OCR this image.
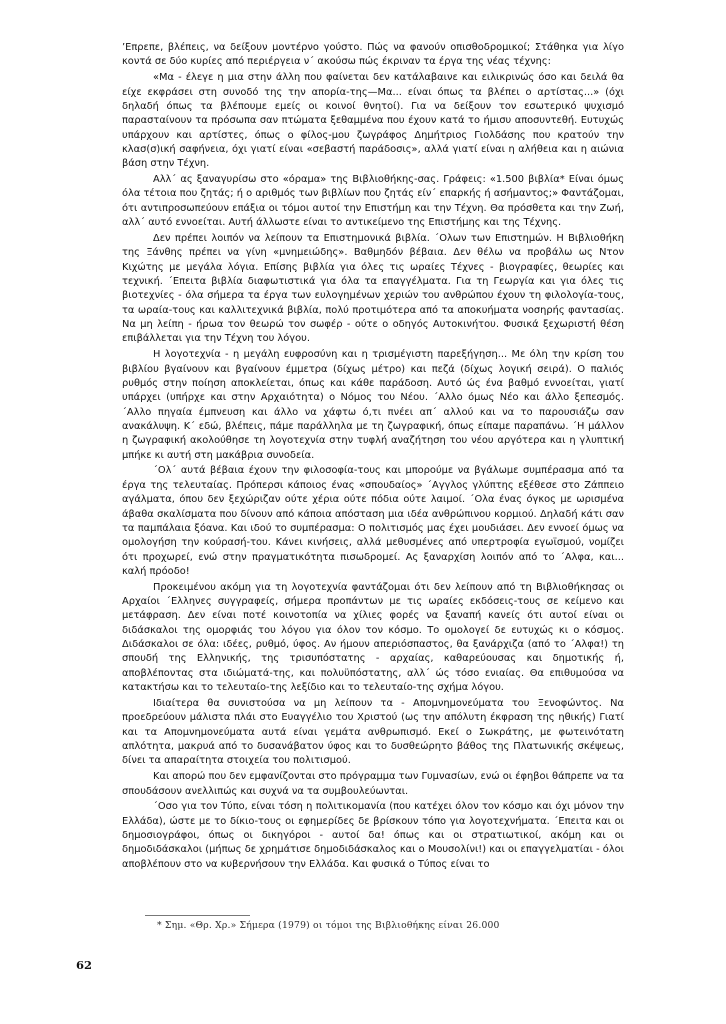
’Επρεπε, βλέπεις, να δείξουν μοντέρνο γούστο. Πώς να φανούν οπισθοδρομικοί; Στάθηκα για λίγο κοντά σε δύο κυρίες από περιέργεια ν΄ ακούσω πώς έκριναν τα έργα της νέας τέχνης:

«Μα - έλεγε η μια στην άλλη που φαίνεται δεν κατάλαβαινε και ειλικρινώς όσο και δειλά θα είχε εκφράσει στη συνοδό της την απορία-της—Μα... είναι όπως τα βλέπει ο αρτίστας...» (όχι δηλαδή όπως τα βλέπουμε εμείς οι κοινοί θνητοί). Για να δείξουν τον εσωτερικό ψυχισμό παρασταίνουν τα πρόσωπα σαν πτώματα ξεθαμμένα που έχουν κατά το ήμισυ αποσυντεθή. Ευτυχώς υπάρχουν και αρτίστες, όπως ο φίλος-μου ζωγράφος Δημήτριος Γιολδάσης που κρατούν την κλασ(σ)ική σαφήνεια, όχι γιατί είναι «σεβαστή παράδοσις», αλλά γιατί είναι η αλήθεια και η αιώνια βάση στην Τέχνη.

Αλλ΄ ας ξαναγυρίσω στο «όραμα» της Βιβλιοθήκης-σας. Γράφεις: «1.500 βιβλία* Είναι όμως όλα τέτοια που ζητάς; ή ο αριθμός των βιβλίων που ζητάς είν΄ επαρκής ή ασήμαντος;» Φαντάζομαι, ότι αντιπροσωπεύουν επάξια οι τόμοι αυτοί την Επιστήμη και την Τέχνη. Θα πρόσθετα και την Ζωή, αλλ΄ αυτό εννοείται. Αυτή άλλωστε είναι το αντικείμενο της Επιστήμης και της Τέχνης.

Δεν πρέπει λοιπόν να λείπουν τα Επιστημονικά βιβλία. ΄Ολων των Επιστημών. Η Βιβλιοθήκη της Ξάνθης πρέπει να γίνη «μνημειώδης». Βαθμηδόν βέβαια. Δεν θέλω να προβάλω ως Ντον Κιχώτης με μεγάλα λόγια. Επίσης βιβλία για όλες τις ωραίες Τέχνες - βιογραφίες, θεωρίες και τεχνική. ΄Επειτα βιβλία διαφωτιστικά για όλα τα επαγγέλματα. Για τη Γεωργία και για όλες τις βιοτεχνίες - όλα σήμερα τα έργα των ευλογημένων χεριών του ανθρώπου έχουν τη φιλολογία-τους, τα ωραία-τους και καλλιτεχνικά βιβλία, πολύ προτιμότερα από τα αποκυήματα νοσηρής φαντασίας. Να μη λείπη - ήρωα τον θεωρώ τον σωφέρ - ούτε ο οδηγός Αυτοκινήτου. Φυσικά ξεχωριστή θέση επιβάλλεται για την Τέχνη του λόγου.

Η λογοτεχνία - η μεγάλη ευφροσύνη και η τρισμέγιστη παρεξήγηση... Με όλη την κρίση του βιβλίου βγαίνουν και βγαίνουν έμμετρα (δίχως μέτρο) και πεζά (δίχως λογική σειρά). Ο παλιός ρυθμός στην ποίηση αποκλείεται, όπως και κάθε παράδοση. Αυτό ώς ένα βαθμό εννοείται, γιατί υπάρχει (υπήρχε και στην Αρχαιότητα) ο Νόμος του Νέου. ΄Αλλο όμως Νέο και άλλο ξεπεσμός. ΄Αλλο πηγαία έμπνευση και άλλο να χάφτω ό,τι πνέει απ΄ αλλού και να το παρουσιάζω σαν ανακάλυψη. Κ΄ εδώ, βλέπεις, πάμε παράλληλα με τη ζωγραφική, όπως είπαμε παραπάνω. ΄Η μάλλον η ζωγραφική ακολούθησε τη λογοτεχνία στην τυφλή αναζήτηση του νέου αργότερα και η γλυπτική μπήκε κι αυτή στη μακάβρια συνοδεία.

΄Ολ΄ αυτά βέβαια έχουν την φιλοσοφία-τους και μπορούμε να βγάλωμε συμπέρασμα από τα έργα της τελευταίας. Πρόπερσι κάποιος ένας «σπουδαίος» ΄Αγγλος γλύπτης εξέθεσε στο Ζάππειο αγάλματα, όπου δεν ξεχώριζαν ούτε χέρια ούτε πόδια ούτε λαιμοί. ΄Ολα ένας όγκος με ωρισμένα άβαθα σκαλίσματα που δίνουν από κάποια απόσταση μια ιδέα ανθρώπινου κορμιού. Δηλαδή κάτι σαν τα παμπάλαια ξόανα. Και ιδού το συμπέρασμα: Ο πολιτισμός μας έχει μουδιάσει. Δεν εννοεί όμως να ομολογήση την κούρασή-του. Κάνει κινήσεις, αλλά μεθυσμένες από υπερτροφία εγωϊσμού, νομίζει ότι προχωρεί, ενώ στην πραγματικότητα πισωδρομεί. Ας ξαναρχίση λοιπόν από το ΄Αλφα, και... καλή πρόοδο!

Προκειμένου ακόμη για τη λογοτεχνία φαντάζομαι ότι δεν λείπουν από τη Βιβλιοθήκησας οι Αρχαίοι ΄Ελληνες συγγραφείς, σήμερα προπάντων με τις ωραίες εκδόσεις-τους σε κείμενο και μετάφραση. Δεν είναι ποτέ κοινοτοπία να χίλιες φορές να ξαναπή κανείς ότι αυτοί είναι οι διδάσκαλοι της ομορφιάς του λόγου για όλον τον κόσμο. Το ομολογεί δε ευτυχώς κι ο κόσμος. Διδάσκαλοι σε όλα: ιδέες, ρυθμό, ύφος. Αν ήμουν απεριόσπαστος, θα ξανάρχιζα (από το ΄Αλφα!) τη σπουδή της Ελληνικής, της τρισυπόστατης - αρχαίας, καθαρεύουσας και δημοτικής ή, αποβλέποντας στα ιδιώματά-της, και πολυϋπόστατης, αλλ΄ ώς τόσο ενιαίας. Θα επιθυμούσα να κατακτήσω και το τελευταίο-της λεξίδιο και το τελευταίο-της σχήμα λόγου.

Ιδιαίτερα θα συνιστούσα να μη λείπουν τα - Απομνημονεύματα του Ξενοφώντος. Να προεδρεύουν μάλιστα πλάι στο Ευαγγέλιο του Χριστού (ως την απόλυτη έκφραση της ηθικής) Γιατί και τα Απομνημονεύματα αυτά είναι γεμάτα ανθρωπισμό. Εκεί ο Σωκράτης, με φωτεινότατη απλότητα, μακρυά από το δυσανάβατον ύφος και το δυσθεώρητο βάθος της Πλατωνικής σκέψεως, δίνει τα απαραίτητα στοιχεία του πολιτισμού.

Και απορώ που δεν εμφανίζονται στο πρόγραμμα των Γυμνασίων, ενώ οι έφηβοι θάπρεπε να τα σπουδάσουν ανελλιπώς και συχνά να τα συμβουλεύωνται.

΄Οσο για τον Τύπο, είναι τόση η πολιτικομανία (που κατέχει όλον τον κόσμο και όχι μόνον την Ελλάδα), ώστε με το δίκιο-τους οι εφημερίδες δε βρίσκουν τόπο για λογοτεχνήματα. ΄Επειτα και οι δημοσιογράφοι, όπως οι δικηγόροι - αυτοί δα! όπως και οι στρατιωτικοί, ακόμη και οι δημοδιδάσκαλοι (μήπως δε χρημάτισε δημοδιδάσκαλος και ο Μουσολίνι!) και οι επαγγελματίαι - όλοι αποβλέπουν στο να κυβερνήσουν την Ελλάδα. Και φυσικά ο Τύπος είναι το

* Σημ. «Θρ. Χρ.» Σήμερα (1979) οι τόμοι της Βιβλιοθήκης είναι 26.000
62
